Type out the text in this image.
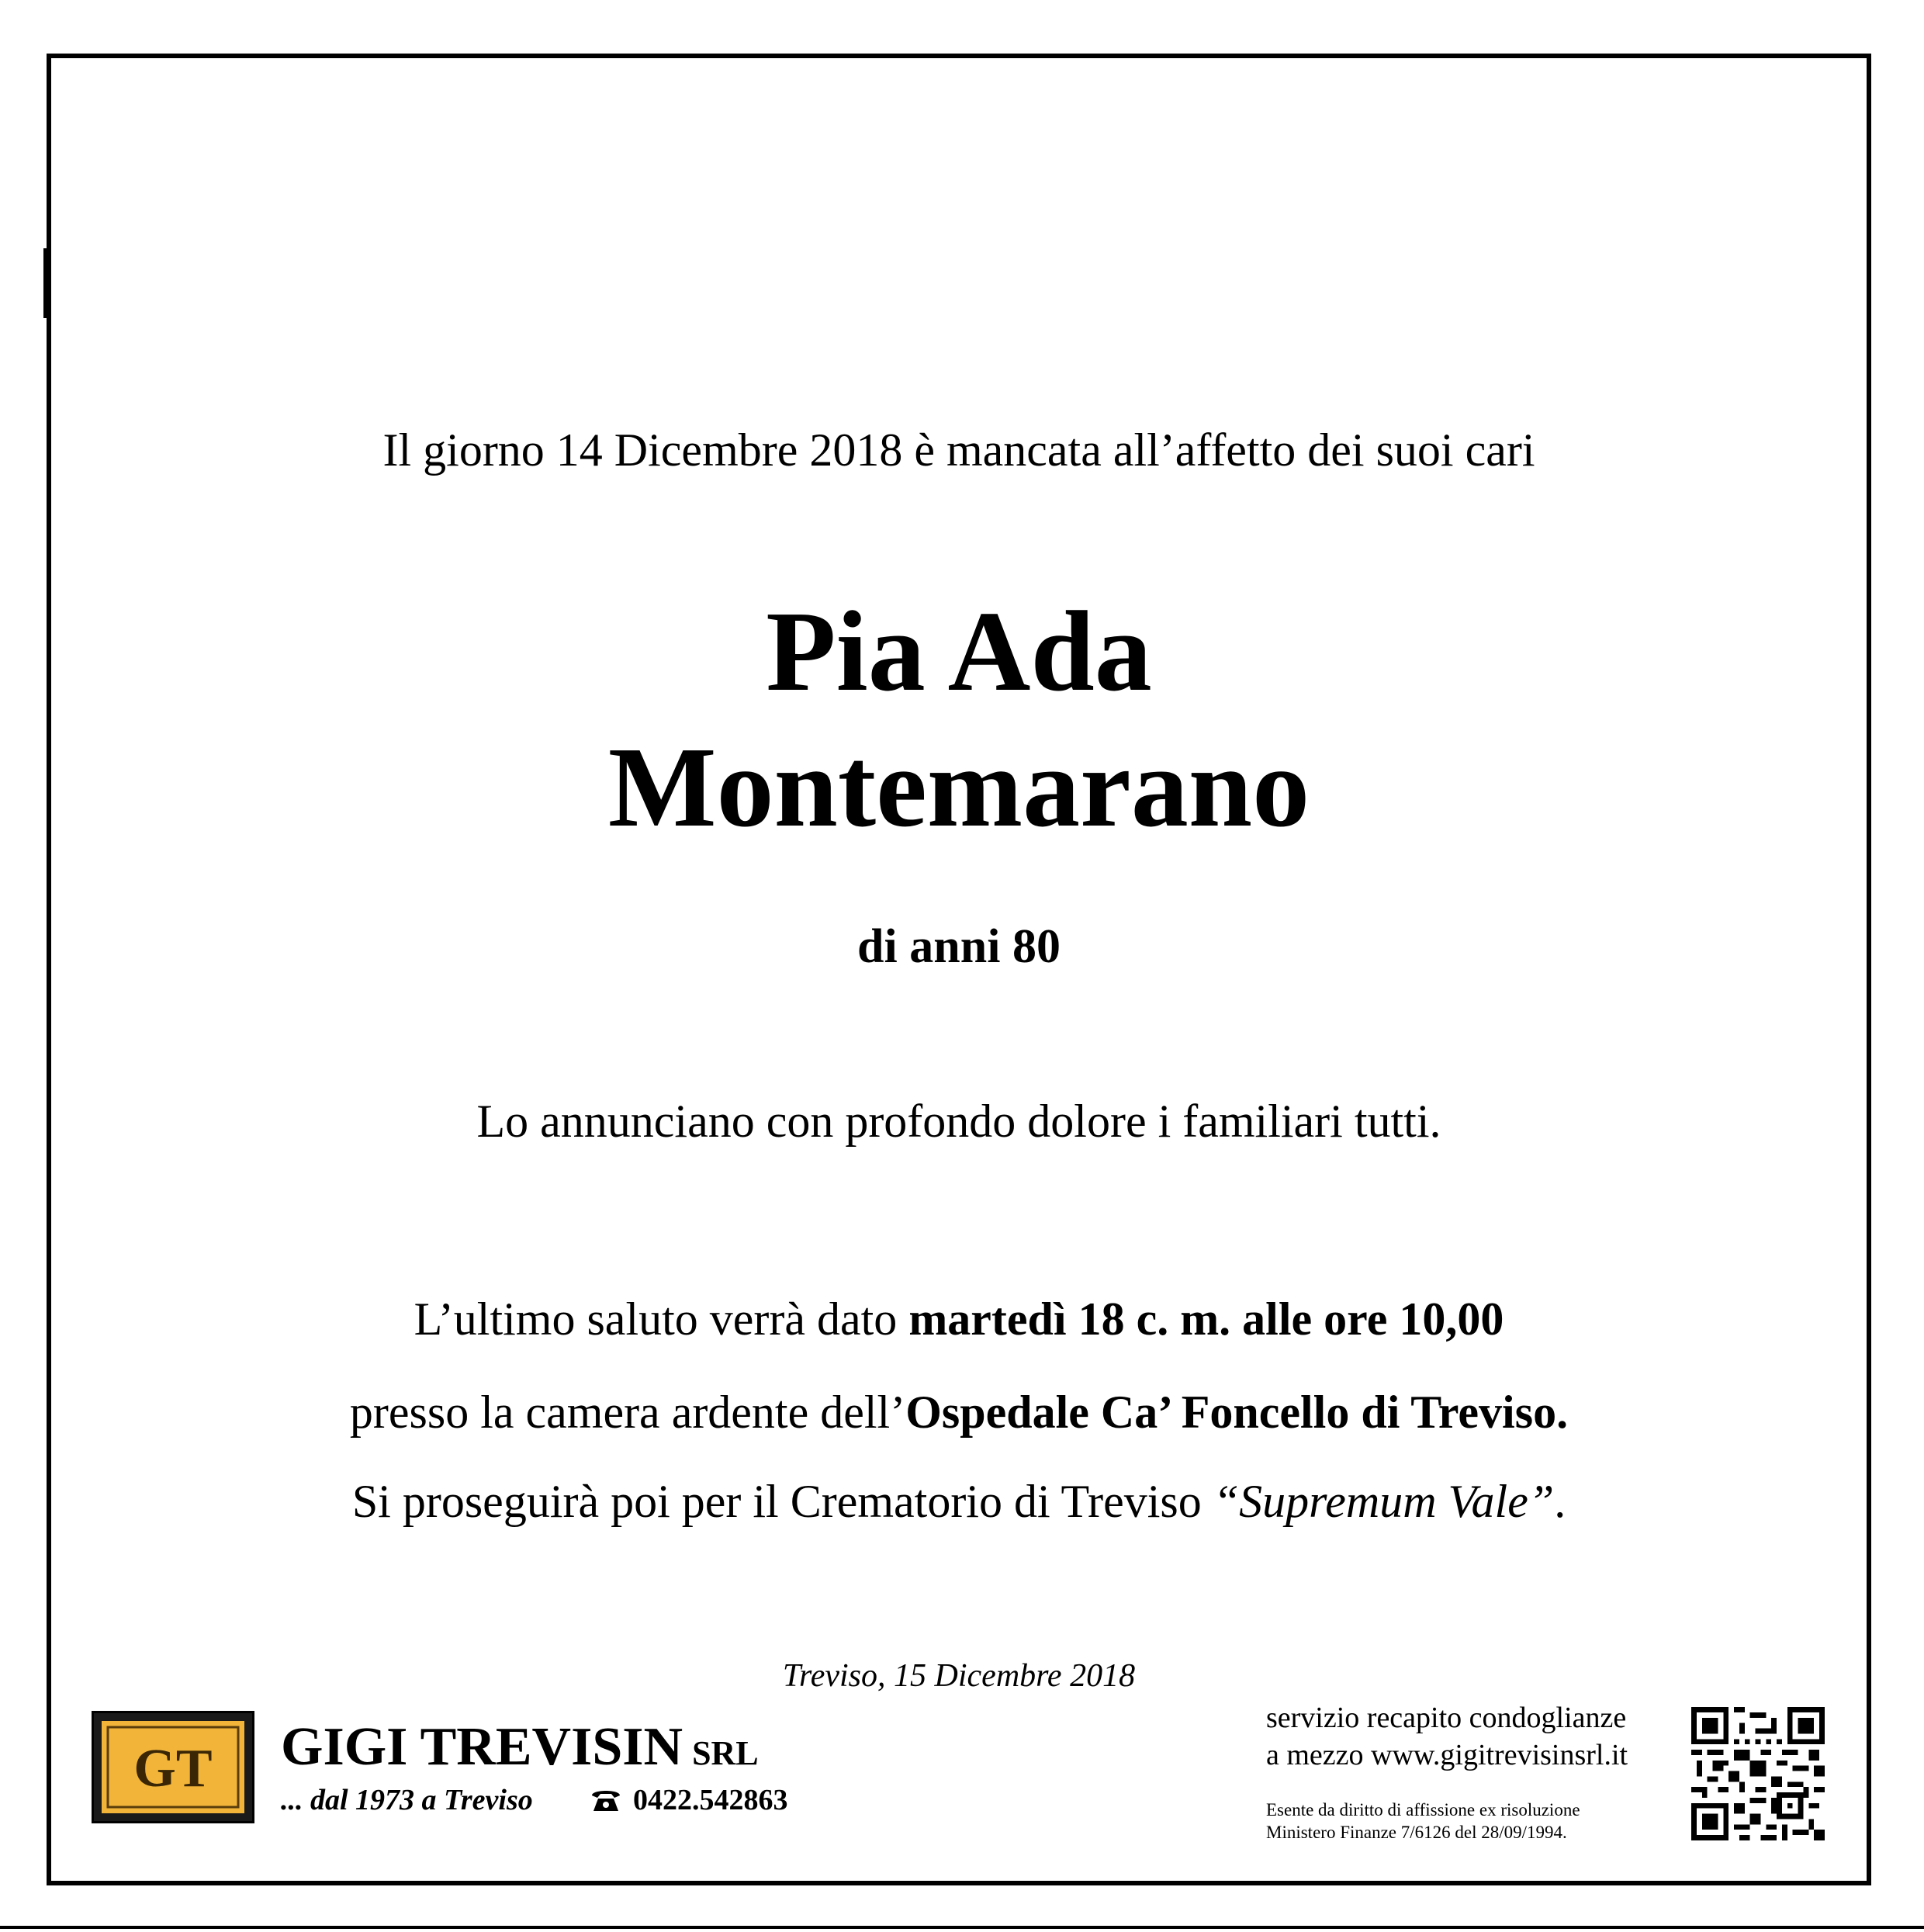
Il giorno 14 Dicembre 2018 è mancata all’affetto dei suoi cari
Pia Ada
Montemarano
di anni 80
Lo annunciano con profondo dolore i familiari tutti.
L’ultimo saluto verrà dato martedì 18 c. m. alle ore 10,00
presso la camera ardente dell’Ospedale Ca’ Foncello di Treviso.
Si proseguirà poi per il Crematorio di Treviso “Supremum Vale”.
Treviso, 15 Dicembre 2018
GT GIGI TREVISIN SRL
... dal 1973 a Treviso	0422.542863
servizio recapito condoglianze
a mezzo www.gigitrevisinsrl.it
Esente da diritto di affissione ex risoluzione
Ministero Finanze 7/6126 del 28/09/1994.
